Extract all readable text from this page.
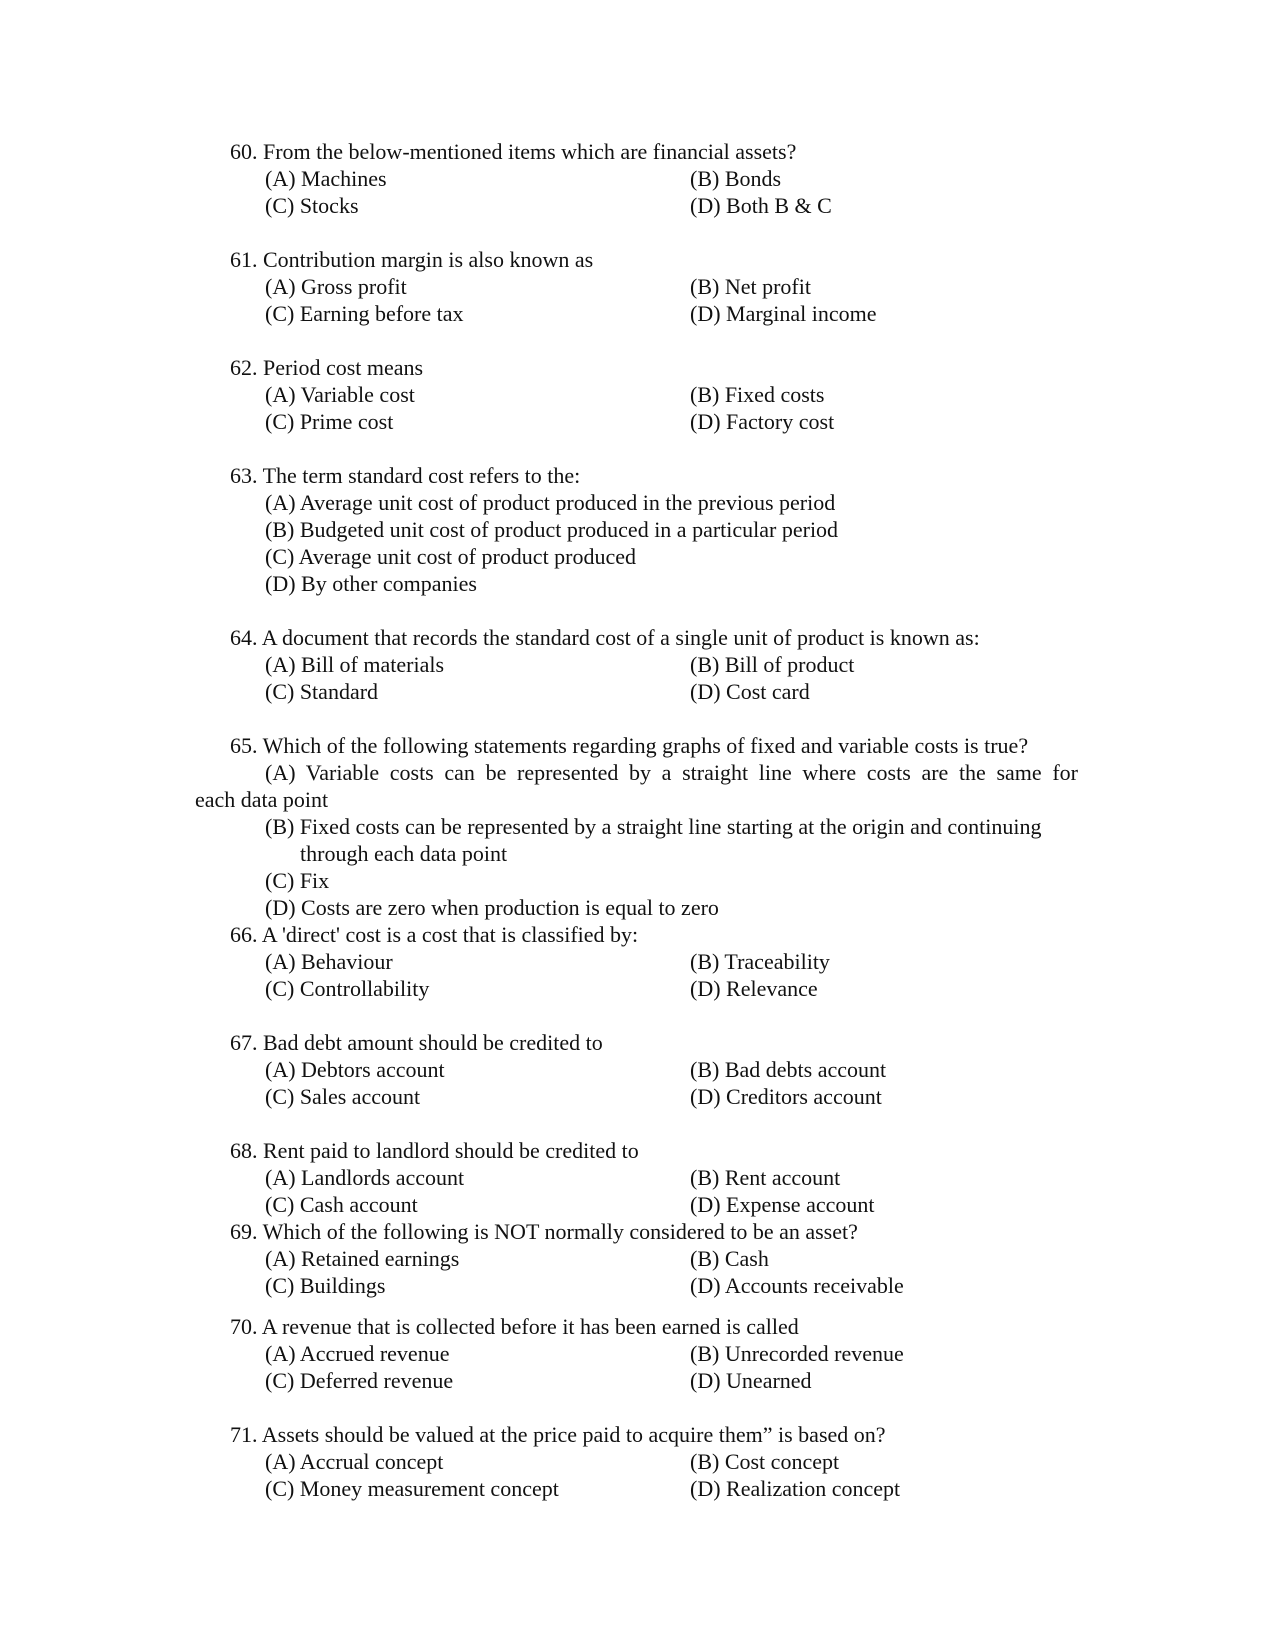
60. From the below-mentioned items which are financial assets?
(A) Machines	(B) Bonds
(C) Stocks	(D) Both B & C
61. Contribution margin is also known as
(A) Gross profit	(B) Net profit
(C) Earning before tax	(D) Marginal income
62. Period cost means
(A) Variable cost	(B) Fixed costs
(C) Prime cost	(D) Factory cost
63. The term standard cost refers to the:
(A) Average unit cost of product produced in the previous period
(B) Budgeted unit cost of product produced in a particular period
(C) Average unit cost of product produced
(D) By other companies
64. A document that records the standard cost of a single unit of product is known as:
(A) Bill of materials	(B) Bill of product
(C) Standard	(D) Cost card
65. Which of the following statements regarding graphs of fixed and variable costs is true?
(A) Variable costs can be represented by a straight line where costs are the same for
each data point
(B) Fixed costs can be represented by a straight line starting at the origin and continuing
through each data point
(C) Fix
(D) Costs are zero when production is equal to zero
66. A 'direct' cost is a cost that is classified by:
(A) Behaviour	(B) Traceability
(C) Controllability	(D) Relevance
67. Bad debt amount should be credited to
(A) Debtors account	(B) Bad debts account
(C) Sales account	(D) Creditors account
68. Rent paid to landlord should be credited to
(A) Landlords account	(B) Rent account
(C) Cash account	(D) Expense account
69. Which of the following is NOT normally considered to be an asset?
(A) Retained earnings	(B) Cash
(C) Buildings	(D) Accounts receivable
70. A revenue that is collected before it has been earned is called
(A) Accrued revenue	(B) Unrecorded revenue
(C) Deferred revenue	(D) Unearned
71. Assets should be valued at the price paid to acquire them” is based on?
(A) Accrual concept	(B) Cost concept
(C) Money measurement concept	(D) Realization concept
